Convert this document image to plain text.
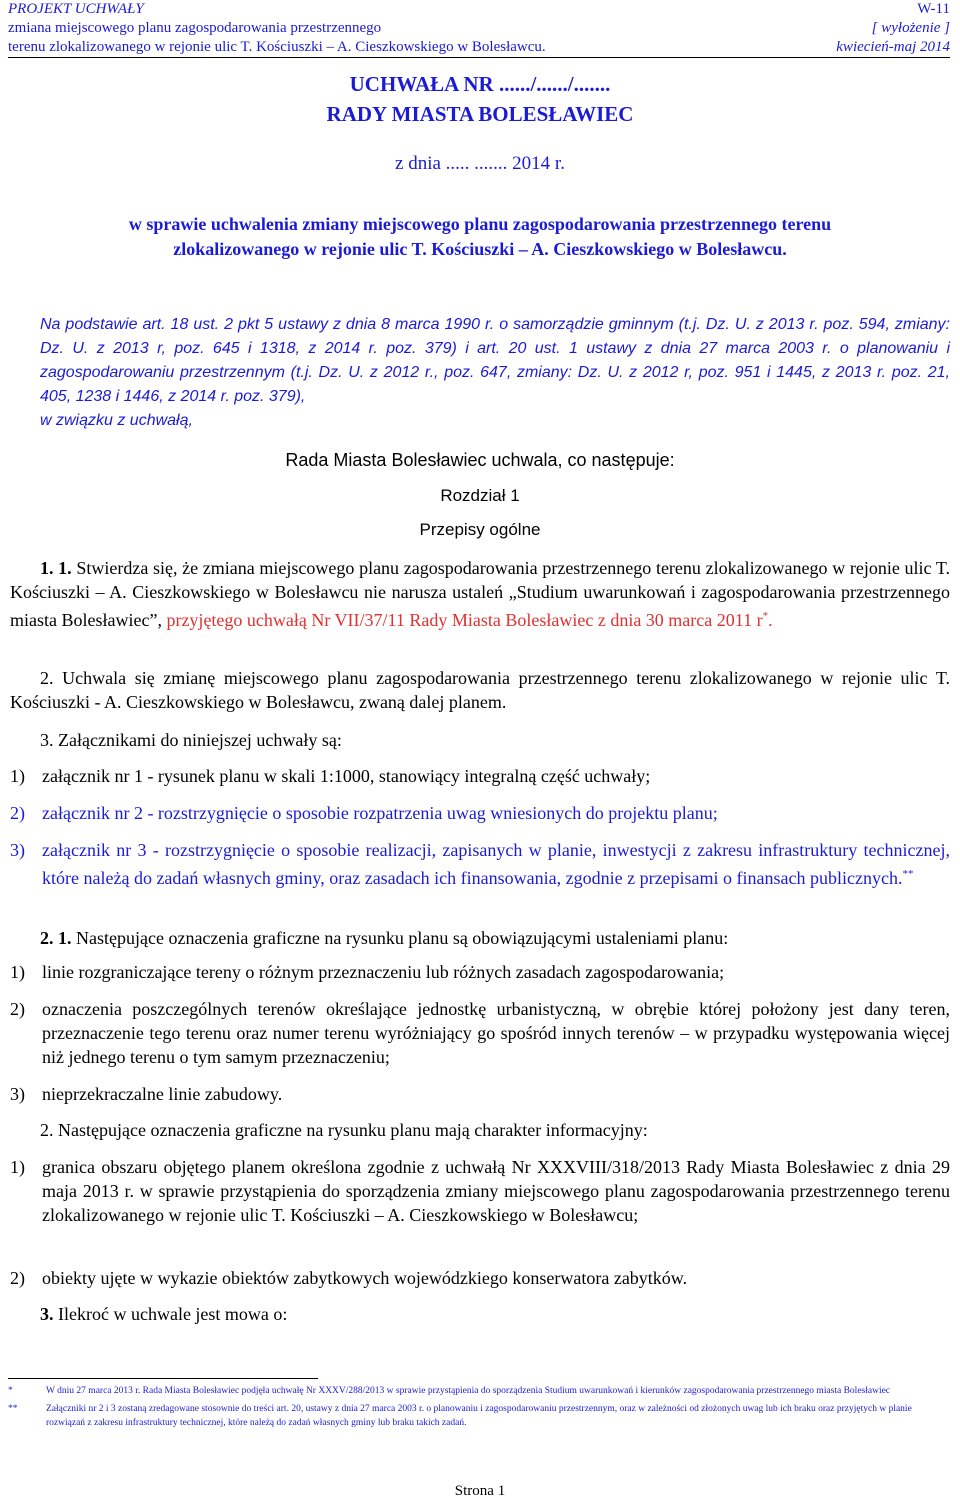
PROJEKT UCHWAŁY	W-11
zmiana miejscowego planu zagospodarowania przestrzennego	[ wyłożenie ]
terenu zlokalizowanego w rejonie ulic T. Kościuszki – A. Cieszkowskiego w Bolesławcu.	kwiecień-maj 2014
UCHWAŁA NR ....../....../.......
RADY MIASTA BOLESŁAWIEC
z dnia ..... ....... 2014 r.
w sprawie uchwalenia zmiany miejscowego planu zagospodarowania przestrzennego terenu
zlokalizowanego w rejonie ulic T. Kościuszki – A. Cieszkowskiego w Bolesławcu.
Na podstawie art. 18 ust. 2 pkt 5 ustawy z dnia 8 marca 1990 r. o samorządzie gminnym (t.j. Dz. U. z 2013 r. poz. 594, zmiany: Dz. U. z 2013 r, poz. 645 i 1318, z 2014 r. poz. 379) i art. 20 ust. 1 ustawy z dnia 27 marca 2003 r. o planowaniu i zagospodarowaniu przestrzennym (t.j. Dz. U. z 2012 r., poz. 647, zmiany: Dz. U. z 2012 r, poz. 951 i 1445, z 2013 r. poz. 21, 405, 1238 i 1446, z 2014 r. poz. 379),
w związku z uchwałą,
Rada Miasta Bolesławiec uchwala, co następuje:
Rozdział 1
Przepisy ogólne
1. 1. Stwierdza się, że zmiana miejscowego planu zagospodarowania przestrzennego terenu zlokalizowanego w rejonie ulic T. Kościuszki – A. Cieszkowskiego w Bolesławcu nie narusza ustaleń „Studium uwarunkowań i zagospodarowania przestrzennego miasta Bolesławiec”, przyjętego uchwałą Nr VII/37/11 Rady Miasta Bolesławiec z dnia 30 marca 2011 r*.
2. Uchwala się zmianę miejscowego planu zagospodarowania przestrzennego terenu zlokalizowanego w rejonie ulic T. Kościuszki - A. Cieszkowskiego w Bolesławcu, zwaną dalej planem.
3. Załącznikami do niniejszej uchwały są:
1) załącznik nr 1 - rysunek planu w skali 1:1000, stanowiący integralną część uchwały;
2) załącznik nr 2 - rozstrzygnięcie o sposobie rozpatrzenia uwag wniesionych do projektu planu;
3) załącznik nr 3 - rozstrzygnięcie o sposobie realizacji, zapisanych w planie, inwestycji z zakresu infrastruktury technicznej, które należą do zadań własnych gminy, oraz zasadach ich finansowania, zgodnie z przepisami o finansach publicznych.**
2. 1. Następujące oznaczenia graficzne na rysunku planu są obowiązującymi ustaleniami planu:
1) linie rozgraniczające tereny o różnym przeznaczeniu lub różnych zasadach zagospodarowania;
2) oznaczenia poszczególnych terenów określające jednostkę urbanistyczną, w obrębie której położony jest dany teren, przeznaczenie tego terenu oraz numer terenu wyróżniający go spośród innych terenów – w przypadku występowania więcej niż jednego terenu o tym samym przeznaczeniu;
3) nieprzekraczalne linie zabudowy.
2. Następujące oznaczenia graficzne na rysunku planu mają charakter informacyjny:
1) granica obszaru objętego planem określona zgodnie z uchwałą Nr XXXVIII/318/2013 Rady Miasta Bolesławiec z dnia 29 maja 2013 r. w sprawie przystąpienia do sporządzenia zmiany miejscowego planu zagospodarowania przestrzennego terenu zlokalizowanego w rejonie ulic T. Kościuszki – A. Cieszkowskiego w Bolesławcu;
2) obiekty ujęte w wykazie obiektów zabytkowych wojewódzkiego konserwatora zabytków.
3. Ilekroć w uchwale jest mowa o:
*	W dniu 27 marca 2013 r. Rada Miasta Bolesławiec podjęła uchwałę Nr XXXV/288/2013 w sprawie przystąpienia do sporządzenia Studium uwarunkowań i kierunków zagospodarowania przestrzennego miasta Bolesławiec
**	Załączniki nr 2 i 3 zostaną zredagowane stosownie do treści art. 20, ustawy z dnia 27 marca 2003 r. o planowaniu i zagospodarowaniu przestrzennym, oraz w zależności od złożonych uwag lub ich braku oraz przyjętych w planie rozwiązań z zakresu infrastruktury technicznej, które należą do zadań własnych gminy lub braku takich zadań.
Strona 1
